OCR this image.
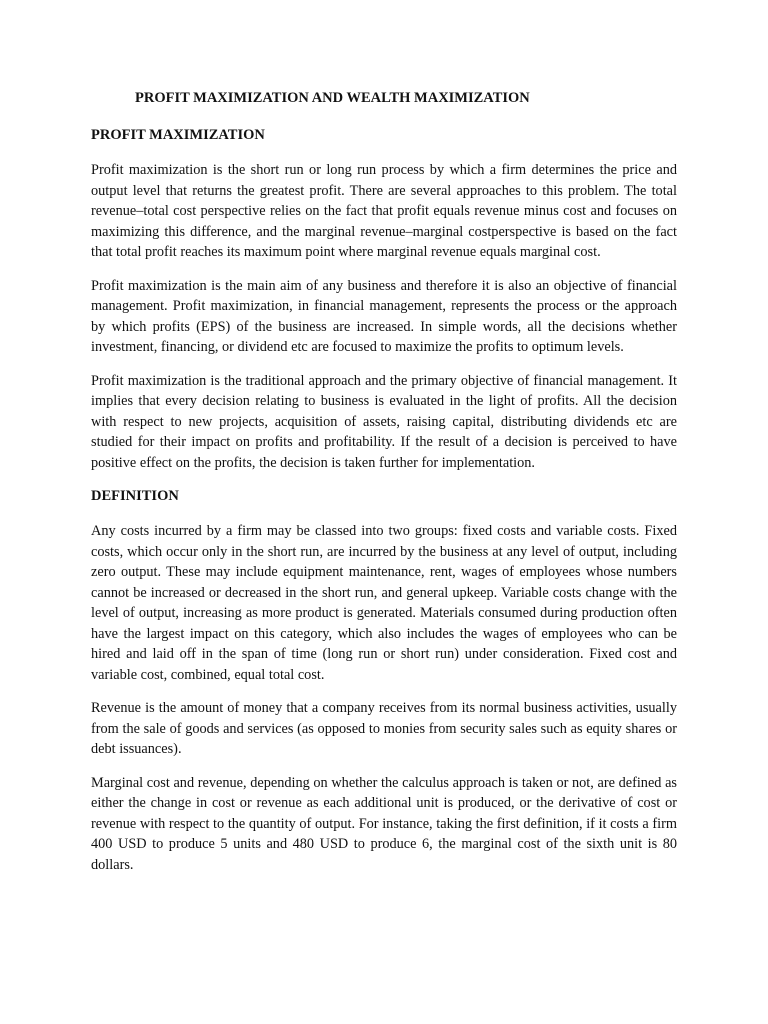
PROFIT MAXIMIZATION AND WEALTH MAXIMIZATION
PROFIT MAXIMIZATION

Profit maximization is the short run or long run process by which a firm determines the price and output level that returns the greatest profit. There are several approaches to this problem. The total revenue–total cost perspective relies on the fact that profit equals revenue minus cost and focuses on maximizing this difference, and the marginal revenue–marginal costperspective is based on the fact that total profit reaches its maximum point where marginal revenue equals marginal cost.

Profit maximization is the main aim of any business and therefore it is also an objective of financial management. Profit maximization, in financial management, represents the process or the approach by which profits (EPS) of the business are increased. In simple words, all the decisions whether investment, financing, or dividend etc are focused to maximize the profits to optimum levels.

Profit maximization is the traditional approach and the primary objective of financial management. It implies that every decision relating to business is evaluated in the light of profits. All the decision with respect to new projects, acquisition of assets, raising capital, distributing dividends etc are studied for their impact on profits and profitability. If the result of a decision is perceived to have positive effect on the profits, the decision is taken further for implementation.

DEFINITION

Any costs incurred by a firm may be classed into two groups: fixed costs and variable costs. Fixed costs, which occur only in the short run, are incurred by the business at any level of output, including zero output. These may include equipment maintenance, rent, wages of employees whose numbers cannot be increased or decreased in the short run, and general upkeep. Variable costs change with the level of output, increasing as more product is generated. Materials consumed during production often have the largest impact on this category, which also includes the wages of employees who can be hired and laid off in the span of time (long run or short run) under consideration. Fixed cost and variable cost, combined, equal total cost.

Revenue is the amount of money that a company receives from its normal business activities, usually from the sale of goods and services (as opposed to monies from security sales such as equity shares or debt issuances).

Marginal cost and revenue, depending on whether the calculus approach is taken or not, are defined as either the change in cost or revenue as each additional unit is produced, or the derivative of cost or revenue with respect to the quantity of output. For instance, taking the first definition, if it costs a firm 400 USD to produce 5 units and 480 USD to produce 6, the marginal cost of the sixth unit is 80 dollars.
